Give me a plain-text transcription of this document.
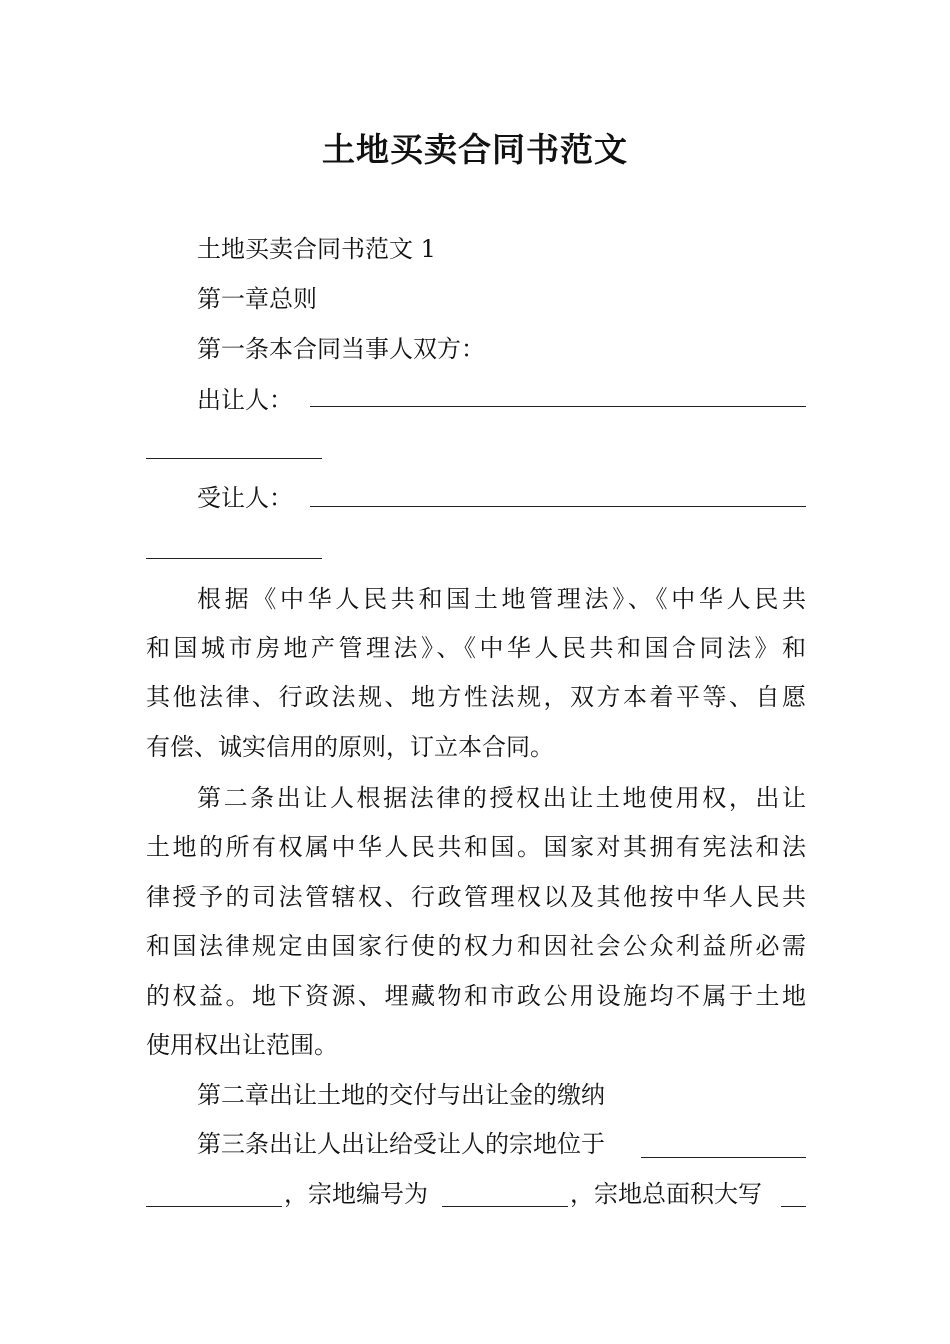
土地买卖合同书范文
土地买卖合同书范文 1
第一章总则
第一条本合同当事人双方：
出让人：
受让人：
根据《中华人民共和国土地管理法》、《中华人民共
和国城市房地产管理法》、《中华人民共和国合同法》和
其他法律、行政法规、地方性法规，双方本着平等、自愿
有偿、诚实信用的原则，订立本合同。
第二条出让人根据法律的授权出让土地使用权，出让
土地的所有权属中华人民共和国。国家对其拥有宪法和法
律授予的司法管辖权、行政管理权以及其他按中华人民共
和国法律规定由国家行使的权力和因社会公众利益所必需
的权益。地下资源、埋藏物和市政公用设施均不属于土地
使用权出让范围。
第二章出让土地的交付与出让金的缴纳
第三条出让人出让给受让人的宗地位于
，宗地编号为	，宗地总面积大写
